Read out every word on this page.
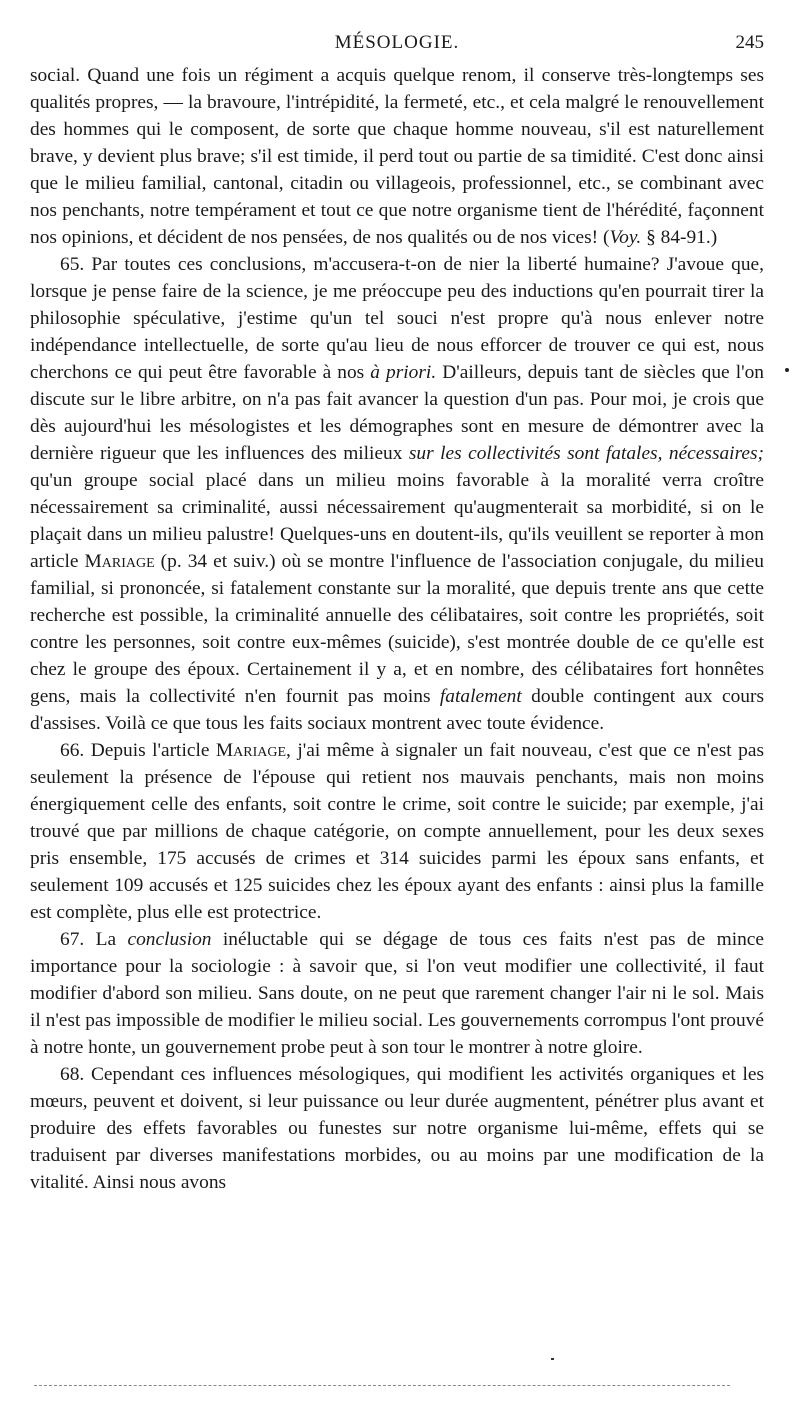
MÉSOLOGIE.	245

social. Quand une fois un régiment a acquis quelque renom, il conserve très-longtemps ses qualités propres, — la bravoure, l'intrépidité, la fermeté, etc., et cela malgré le renouvellement des hommes qui le composent, de sorte que chaque homme nouveau, s'il est naturellement brave, y devient plus brave; s'il est timide, il perd tout ou partie de sa timidité. C'est donc ainsi que le milieu familial, cantonal, citadin ou villageois, professionnel, etc., se combinant avec nos penchants, notre tempérament et tout ce que notre organisme tient de l'hérédité, façonnent nos opinions, et décident de nos pensées, de nos qualités ou de nos vices! (Voy. § 84-91.)

65. Par toutes ces conclusions, m'accusera-t-on de nier la liberté humaine? J'avoue que, lorsque je pense faire de la science, je me préoccupe peu des inductions qu'en pourrait tirer la philosophie spéculative, j'estime qu'un tel souci n'est propre qu'à nous enlever notre indépendance intellectuelle, de sorte qu'au lieu de nous efforcer de trouver ce qui est, nous cherchons ce qui peut être favorable à nos à priori. D'ailleurs, depuis tant de siècles que l'on discute sur le libre arbitre, on n'a pas fait avancer la question d'un pas. Pour moi, je crois que dès aujourd'hui les mésologistes et les démographes sont en mesure de démontrer avec la dernière rigueur que les influences des milieux sur les collectivités sont fatales, nécessaires; qu'un groupe social placé dans un milieu moins favorable à la moralité verra croître nécessairement sa criminalité, aussi nécessairement qu'augmenterait sa morbidité, si on le plaçait dans un milieu palustre! Quelques-uns en doutent-ils, qu'ils veuillent se reporter à mon article Mariage (p. 34 et suiv.) où se montre l'influence de l'association conjugale, du milieu familial, si prononcée, si fatalement constante sur la moralité, que depuis trente ans que cette recherche est possible, la criminalité annuelle des célibataires, soit contre les propriétés, soit contre les personnes, soit contre eux-mêmes (suicide), s'est montrée double de ce qu'elle est chez le groupe des époux. Certainement il y a, et en nombre, des célibataires fort honnêtes gens, mais la collectivité n'en fournit pas moins fatalement double contingent aux cours d'assises. Voilà ce que tous les faits sociaux montrent avec toute évidence.

66. Depuis l'article Mariage, j'ai même à signaler un fait nouveau, c'est que ce n'est pas seulement la présence de l'épouse qui retient nos mauvais penchants, mais non moins énergiquement celle des enfants, soit contre le crime, soit contre le suicide; par exemple, j'ai trouvé que par millions de chaque catégorie, on compte annuellement, pour les deux sexes pris ensemble, 175 accusés de crimes et 314 suicides parmi les époux sans enfants, et seulement 109 accusés et 125 suicides chez les époux ayant des enfants : ainsi plus la famille est complète, plus elle est protectrice.

67. La conclusion inéluctable qui se dégage de tous ces faits n'est pas de mince importance pour la sociologie : à savoir que, si l'on veut modifier une collectivité, il faut modifier d'abord son milieu. Sans doute, on ne peut que rarement changer l'air ni le sol. Mais il n'est pas impossible de modifier le milieu social. Les gouvernements corrompus l'ont prouvé à notre honte, un gouvernement probe peut à son tour le montrer à notre gloire.

68. Cependant ces influences mésologiques, qui modifient les activités organiques et les mœurs, peuvent et doivent, si leur puissance ou leur durée augmentent, pénétrer plus avant et produire des effets favorables ou funestes sur notre organisme lui-même, effets qui se traduisent par diverses manifestations morbides, ou au moins par une modification de la vitalité. Ainsi nous avons
